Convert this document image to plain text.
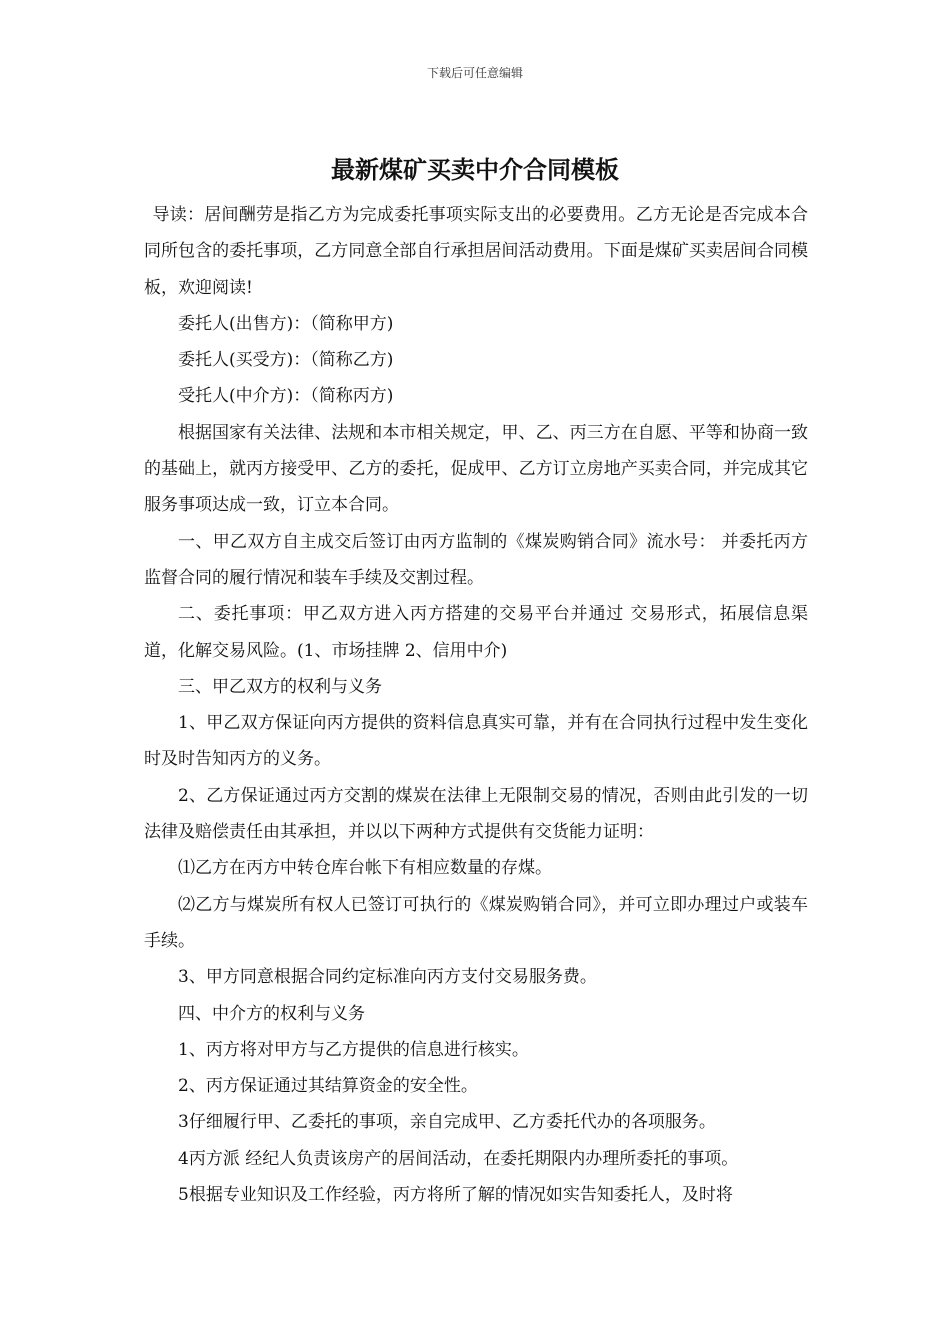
下载后可任意编辑
最新煤矿买卖中介合同模板

导读：居间酬劳是指乙方为完成委托事项实际支出的必要费用。乙方无论是否完成本合同所包含的委托事项，乙方同意全部自行承担居间活动费用。下面是煤矿买卖居间合同模板，欢迎阅读!

委托人(出售方)：（简称甲方)

委托人(买受方)：（简称乙方)

受托人(中介方)：（简称丙方)

根据国家有关法律、法规和本市相关规定，甲、乙、丙三方在自愿、平等和协商一致的基础上，就丙方接受甲、乙方的委托，促成甲、乙方订立房地产买卖合同，并完成其它服务事项达成一致，订立本合同。

一、甲乙双方自主成交后签订由丙方监制的《煤炭购销合同》流水号： 并委托丙方监督合同的履行情况和装车手续及交割过程。

二、委托事项：甲乙双方进入丙方搭建的交易平台并通过 交易形式，拓展信息渠道，化解交易风险。(1、市场挂牌 2、信用中介)

三、甲乙双方的权利与义务

1、甲乙双方保证向丙方提供的资料信息真实可靠，并有在合同执行过程中发生变化时及时告知丙方的义务。

2、乙方保证通过丙方交割的煤炭在法律上无限制交易的情况，否则由此引发的一切法律及赔偿责任由其承担，并以以下两种方式提供有交货能力证明：

⑴乙方在丙方中转仓库台帐下有相应数量的存煤。

⑵乙方与煤炭所有权人已签订可执行的《煤炭购销合同》，并可立即办理过户或装车手续。

3、甲方同意根据合同约定标准向丙方支付交易服务费。

四、中介方的权利与义务

1、丙方将对甲方与乙方提供的信息进行核实。

2、丙方保证通过其结算资金的安全性。

3仔细履行甲、乙委托的事项，亲自完成甲、乙方委托代办的各项服务。

4丙方派 经纪人负责该房产的居间活动，在委托期限内办理所委托的事项。

5根据专业知识及工作经验，丙方将所了解的情况如实告知委托人，及时将
